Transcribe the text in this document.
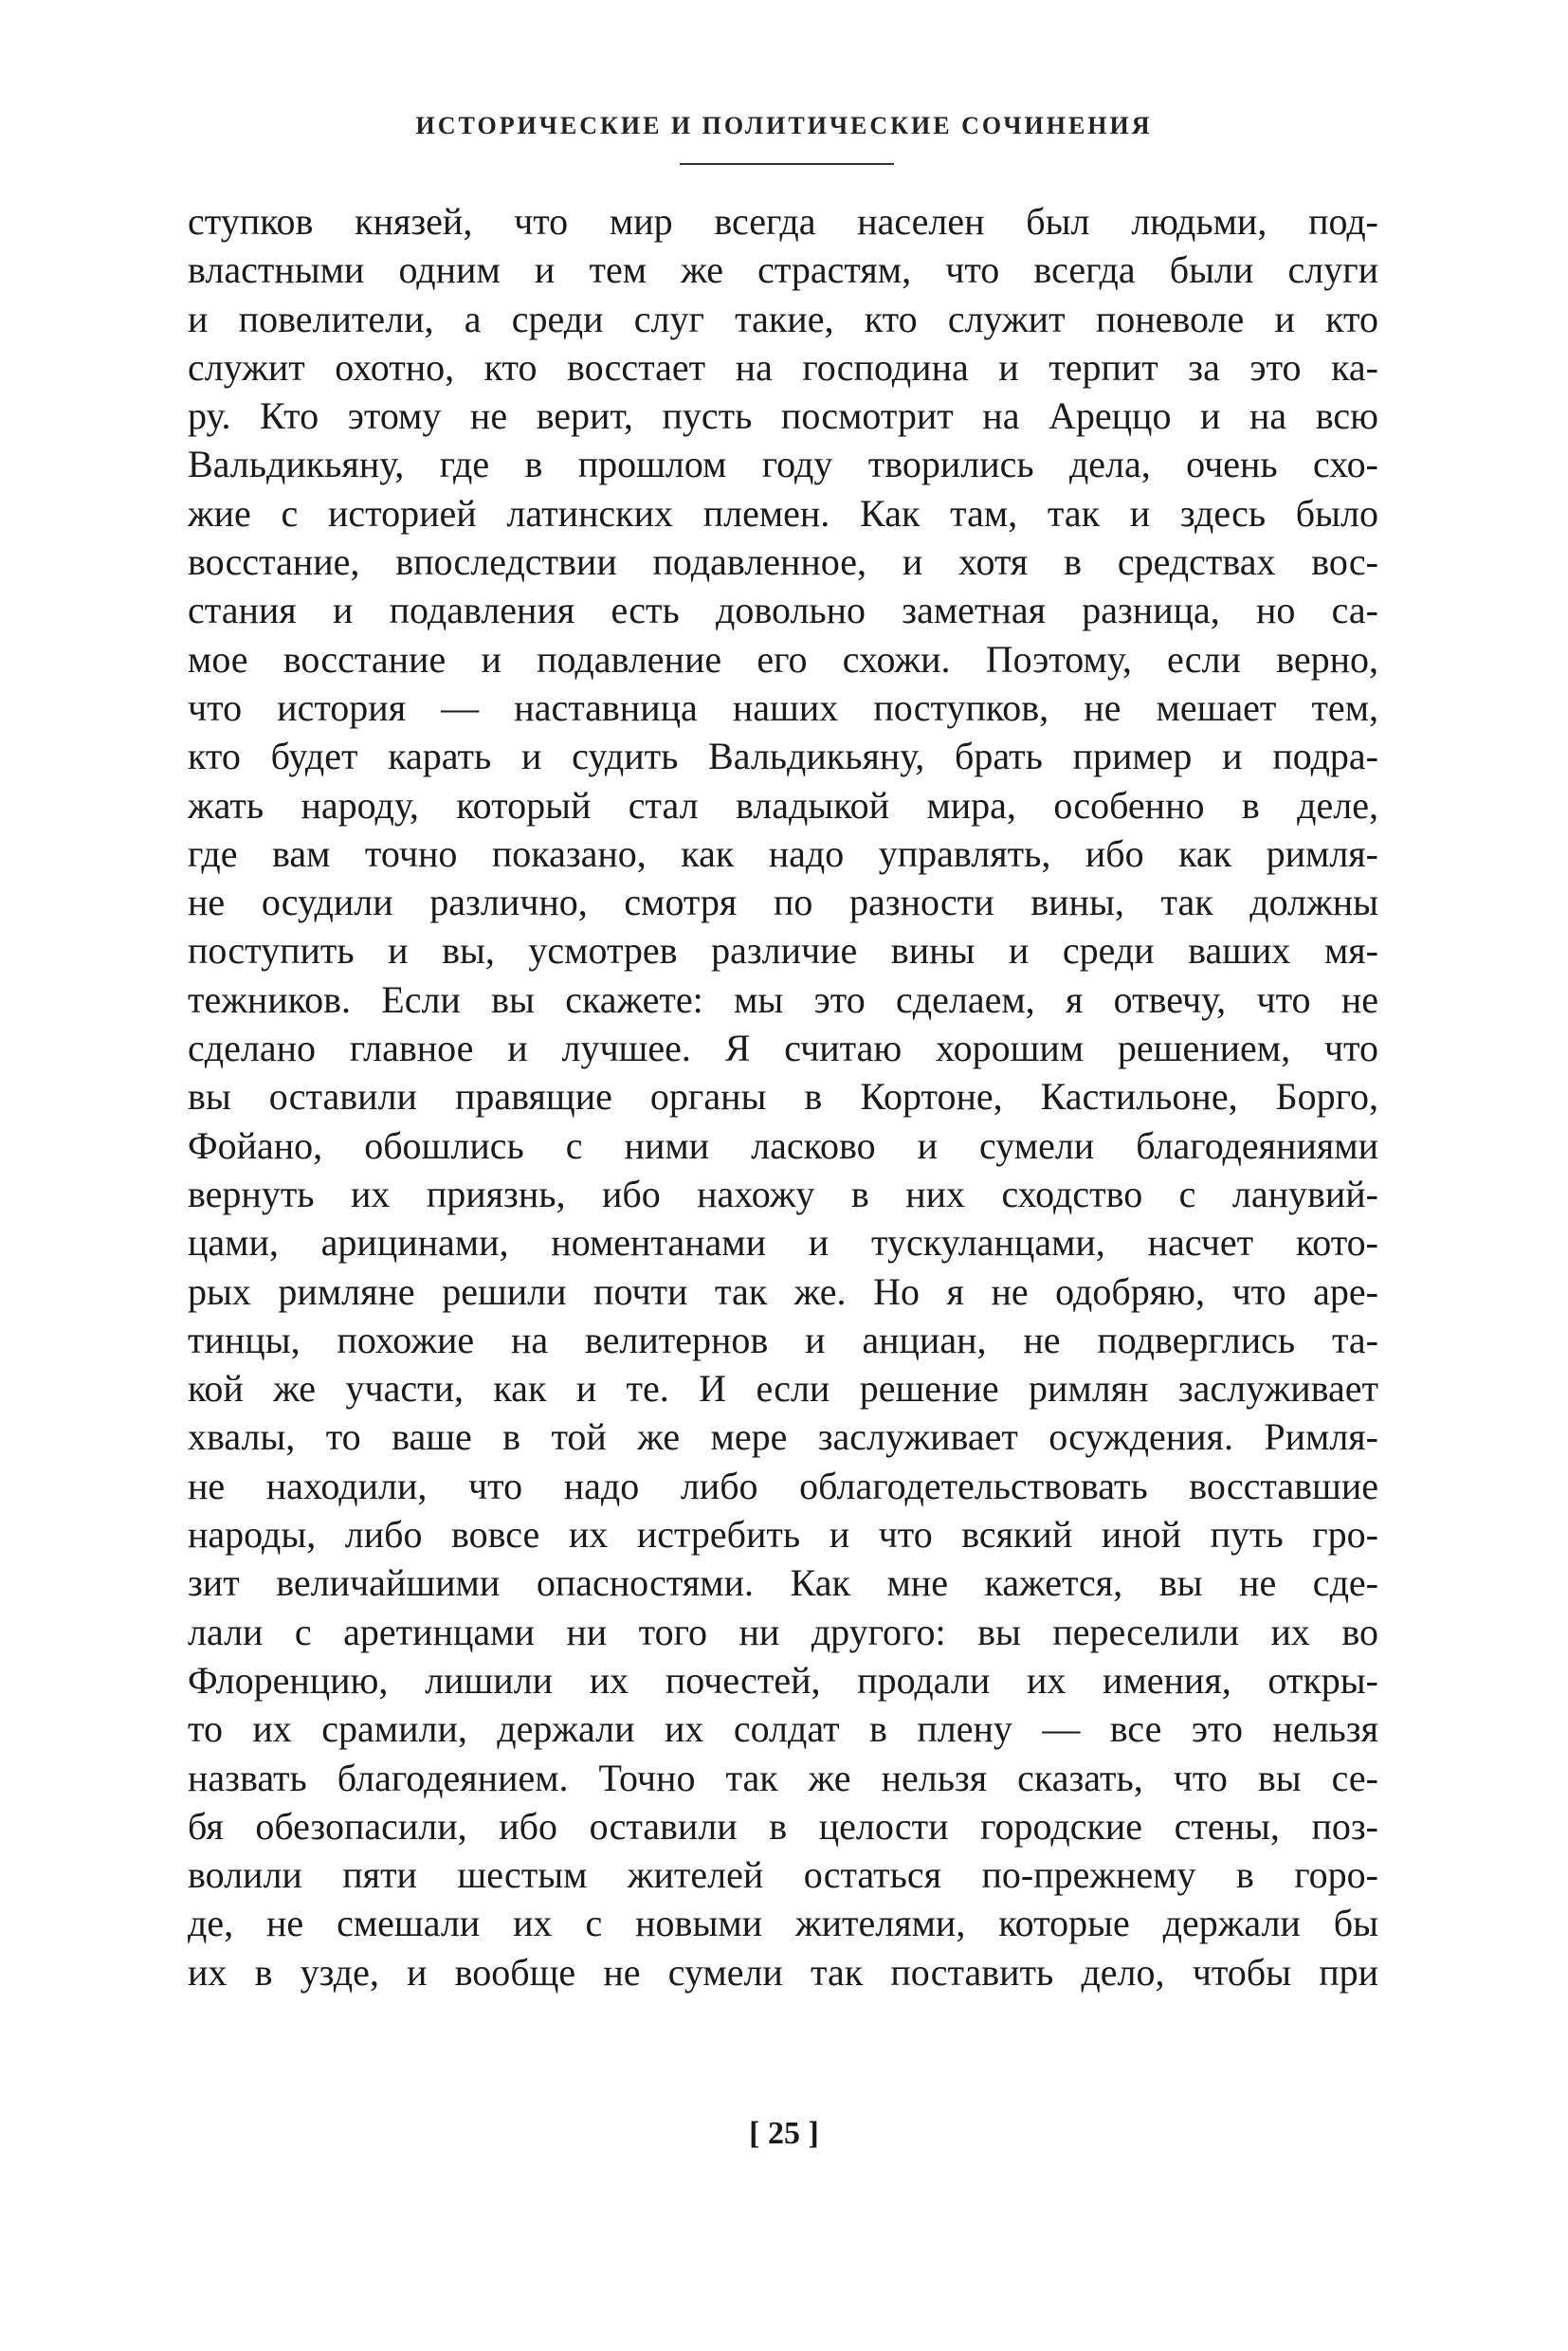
ИСТОРИЧЕСКИЕ И ПОЛИТИЧЕСКИЕ СОЧИНЕНИЯ
ступков князей, что мир всегда населен был людьми, под-
властными одним и тем же страстям, что всегда были слуги
и повелители, а среди слуг такие, кто служит поневоле и кто
служит охотно, кто восстает на господина и терпит за это ка-
ру. Кто этому не верит, пусть посмотрит на Ареццо и на всю
Вальдикьяну, где в прошлом году творились дела, очень схо-
жие с историей латинских племен. Как там, так и здесь было
восстание, впоследствии подавленное, и хотя в средствах вос-
стания и подавления есть довольно заметная разница, но са-
мое восстание и подавление его схожи. Поэтому, если верно,
что история — наставница наших поступков, не мешает тем,
кто будет карать и судить Вальдикьяну, брать пример и подра-
жать народу, который стал владыкой мира, особенно в деле,
где вам точно показано, как надо управлять, ибо как римля-
не осудили различно, смотря по разности вины, так должны
поступить и вы, усмотрев различие вины и среди ваших мя-
тежников. Если вы скажете: мы это сделаем, я отвечу, что не
сделано главное и лучшее. Я считаю хорошим решением, что
вы оставили правящие органы в Кортоне, Кастильоне, Борго,
Фойано, обошлись с ними ласково и сумели благодеяниями
вернуть их приязнь, ибо нахожу в них сходство с ланувий-
цами, арицинами, номентанами и тускуланцами, насчет кото-
рых римляне решили почти так же. Но я не одобряю, что аре-
тинцы, похожие на велитернов и анциан, не подверглись та-
кой же участи, как и те. И если решение римлян заслуживает
хвалы, то ваше в той же мере заслуживает осуждения. Римля-
не находили, что надо либо облагодетельствовать восставшие
народы, либо вовсе их истребить и что всякий иной путь гро-
зит величайшими опасностями. Как мне кажется, вы не сде-
лали с аретинцами ни того ни другого: вы переселили их во
Флоренцию, лишили их почестей, продали их имения, откры-
то их срамили, держали их солдат в плену — все это нельзя
назвать благодеянием. Точно так же нельзя сказать, что вы се-
бя обезопасили, ибо оставили в целости городские стены, поз-
волили пяти шестым жителей остаться по-прежнему в горо-
де, не смешали их с новыми жителями, которые держали бы
их в узде, и вообще не сумели так поставить дело, чтобы при
[ 25 ]
